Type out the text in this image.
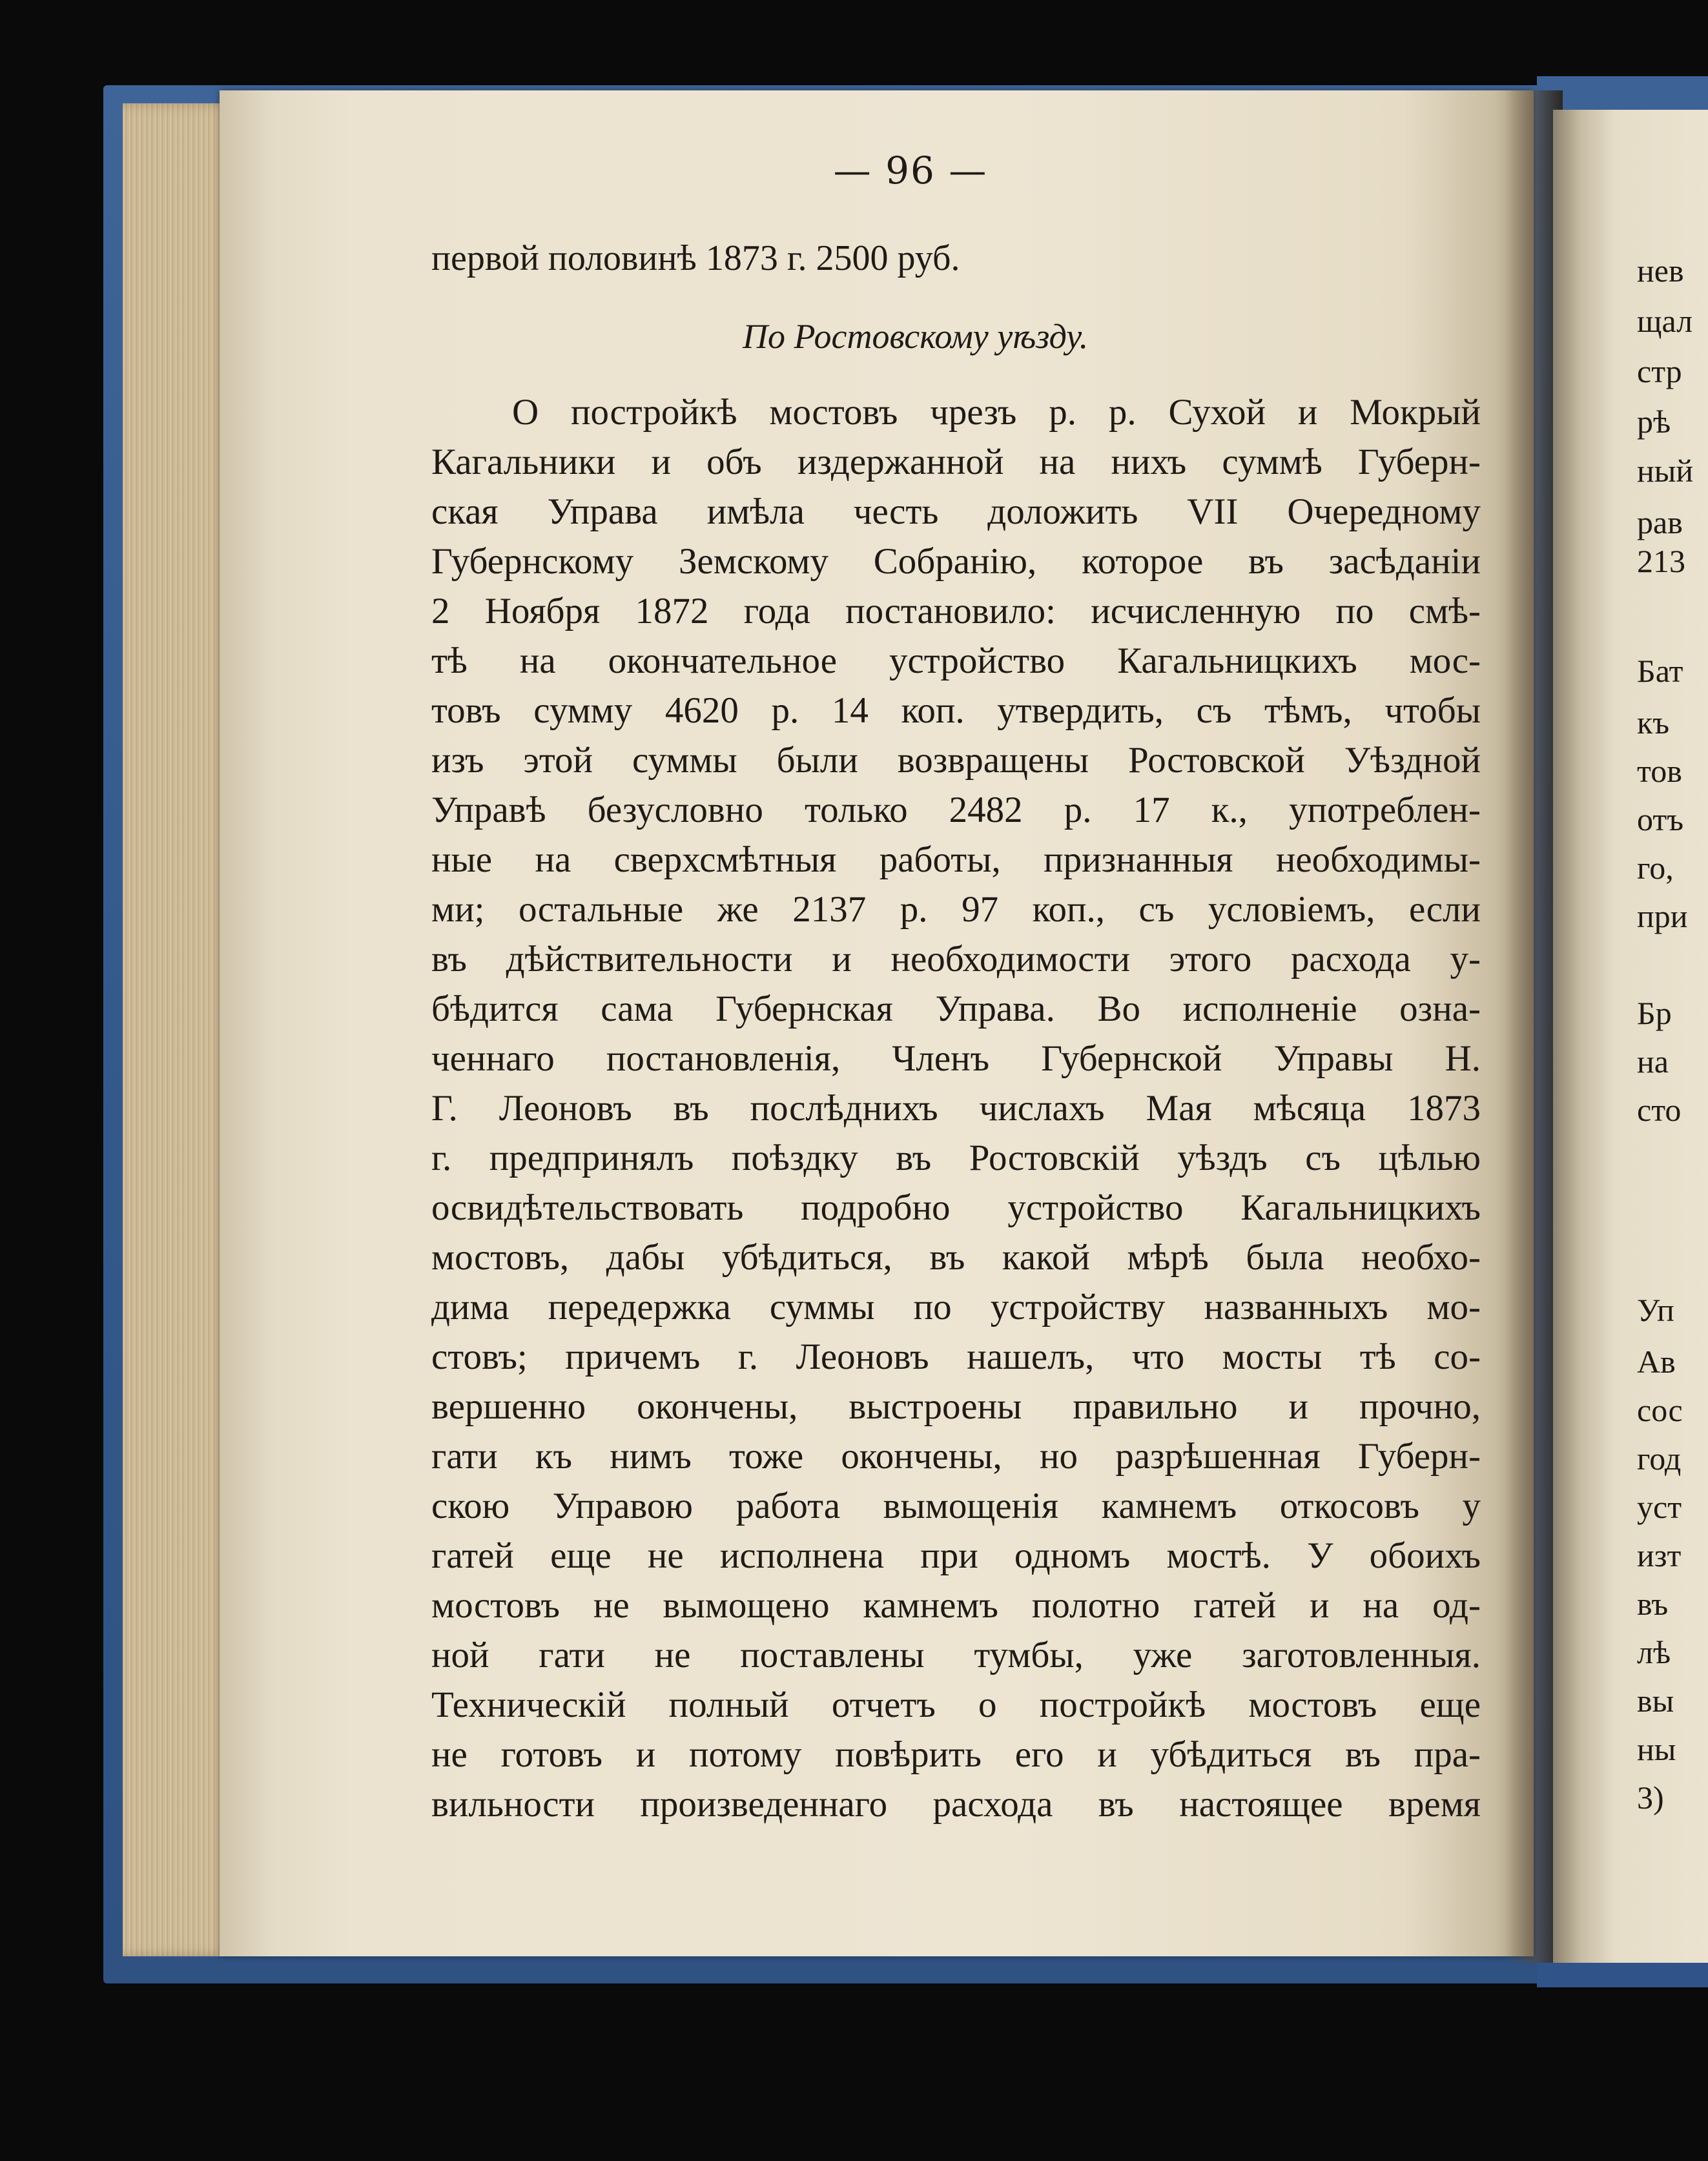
— 96 —
первой половинѣ 1873 г. 2500 руб.
По Ростовскому уѣзду.
О постройкѣ мостовъ чрезъ р. р. Сухой и Мокрый
Кагальники и объ издержанной на нихъ суммѣ Губерн-
ская Управа имѣла честь доложить VII Очередному
Губернскому Земскому Собранію, которое въ засѣданіи
2 Ноября 1872 года постановило: исчисленную по смѣ-
тѣ на окончательное устройство Кагальницкихъ мос-
товъ сумму 4620 р. 14 коп. утвердить, съ тѣмъ, чтобы
изъ этой суммы были возвращены Ростовской Уѣздной
Управѣ безусловно только 2482 р. 17 к., употреблен-
ные на сверхсмѣтныя работы, признанныя необходимы-
ми; остальные же 2137 р. 97 коп., съ условіемъ, если
въ дѣйствительности и необходимости этого расхода у-
бѣдится сама Губернская Управа. Во исполненіе озна-
ченнаго постановленія, Членъ Губернской Управы Н.
Г. Леоновъ въ послѣднихъ числахъ Мая мѣсяца 1873
г. предпринялъ поѣздку въ Ростовскій уѣздъ съ цѣлью
освидѣтельствовать подробно устройство Кагальницкихъ
мостовъ, дабы убѣдиться, въ какой мѣрѣ была необхо-
дима передержка суммы по устройству названныхъ мо-
стовъ; причемъ г. Леоновъ нашелъ, что мосты тѣ со-
вершенно окончены, выстроены правильно и прочно,
гати къ нимъ тоже окончены, но разрѣшенная Губерн-
скою Управою работа вымощенія камнемъ откосовъ у
гатей еще не исполнена при одномъ мостѣ. У обоихъ
мостовъ не вымощено камнемъ полотно гатей и на од-
ной гати не поставлены тумбы, уже заготовленныя.
Техническій полный отчетъ о постройкѣ мостовъ еще
не готовъ и потому повѣрить его и убѣдиться въ пра-
вильности произведеннаго расхода въ настоящее время
нев
щал
стр
рѣ
ный
рав
213
Бат
къ
тов
отъ
го,
при
Бр
на
сто
Уп
Ав
сос
год
уст
изт
въ
лѣ
вы
ны
3)
